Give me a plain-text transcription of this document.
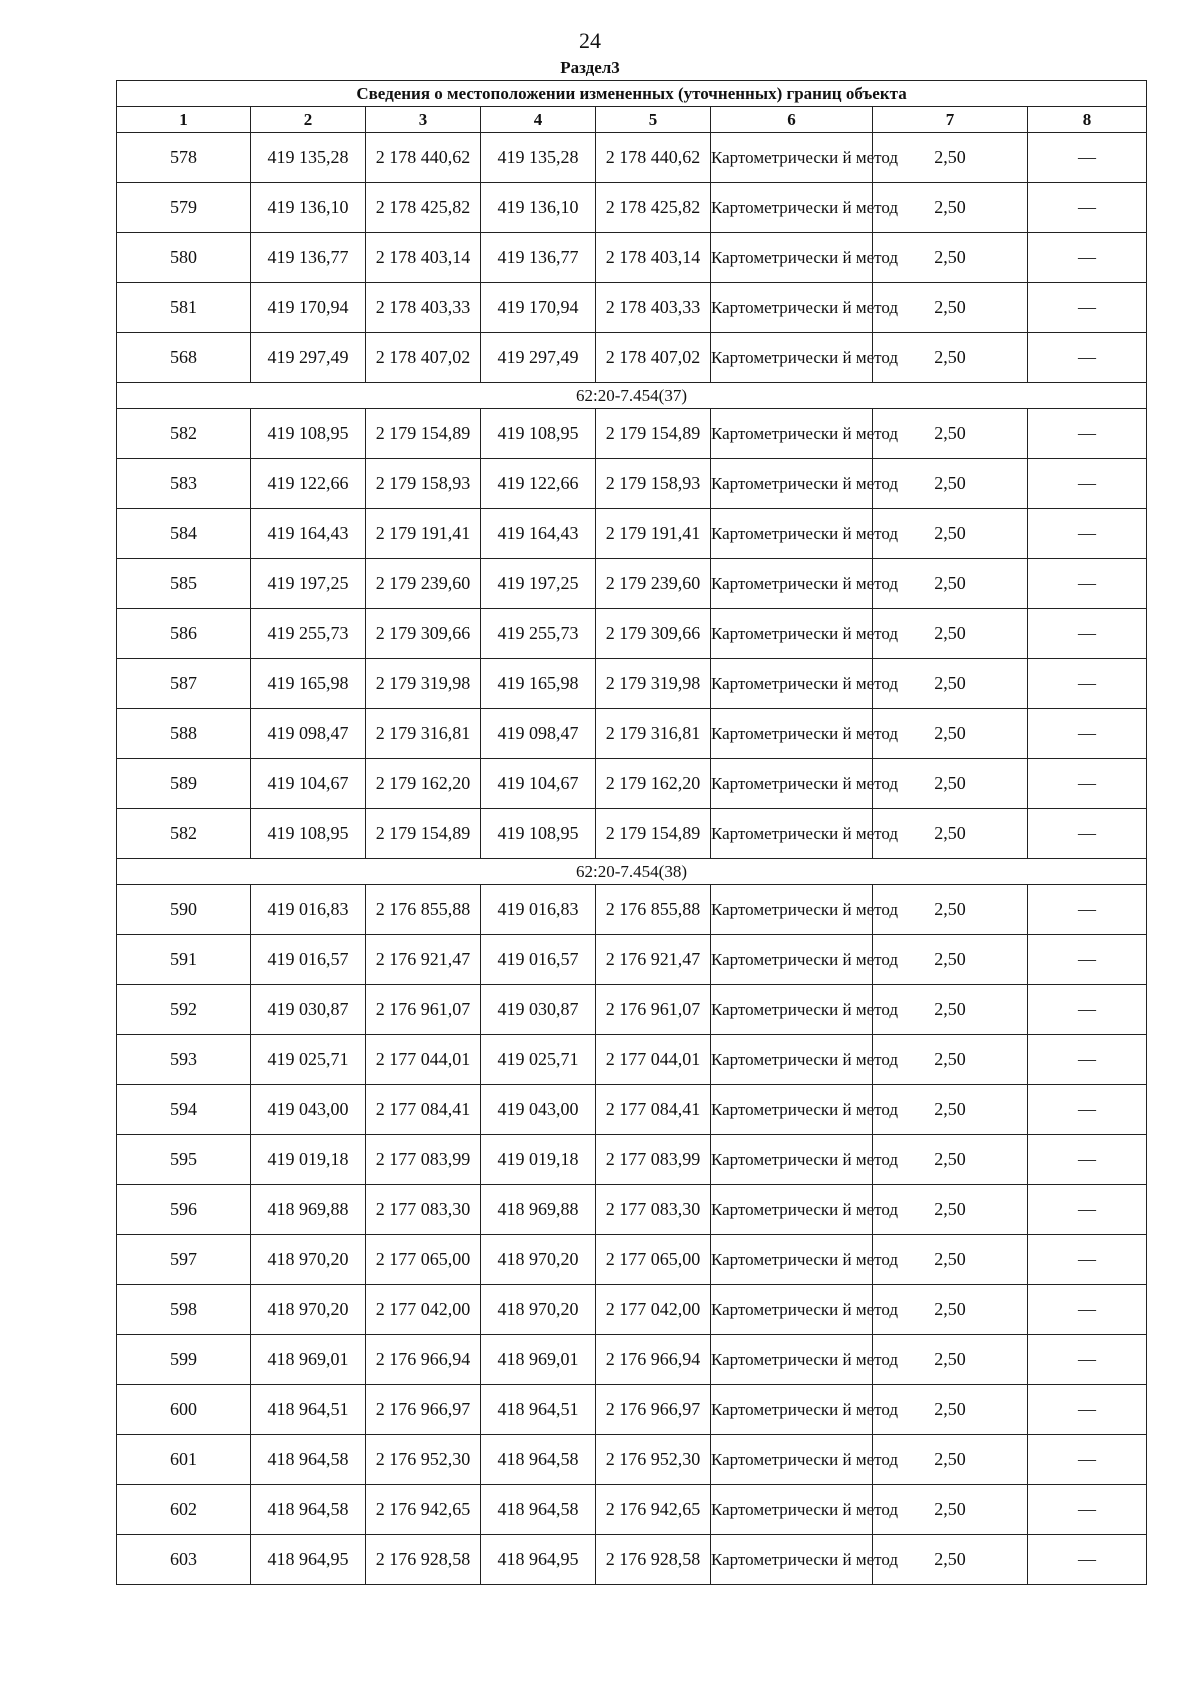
24
Раздел3
Сведения о местоположении измененных (уточненных) границ объекта							
1	2	3	4	5	6	7	8
578	419 135,28	2 178 440,62	419 135,28	2 178 440,62	Картометрически й метод	2,50	—
579	419 136,10	2 178 425,82	419 136,10	2 178 425,82	Картометрически й метод	2,50	—
580	419 136,77	2 178 403,14	419 136,77	2 178 403,14	Картометрически й метод	2,50	—
581	419 170,94	2 178 403,33	419 170,94	2 178 403,33	Картометрически й метод	2,50	—
568	419 297,49	2 178 407,02	419 297,49	2 178 407,02	Картометрически й метод	2,50	—
62:20-7.454(37)							
582	419 108,95	2 179 154,89	419 108,95	2 179 154,89	Картометрически й метод	2,50	—
583	419 122,66	2 179 158,93	419 122,66	2 179 158,93	Картометрически й метод	2,50	—
584	419 164,43	2 179 191,41	419 164,43	2 179 191,41	Картометрически й метод	2,50	—
585	419 197,25	2 179 239,60	419 197,25	2 179 239,60	Картометрически й метод	2,50	—
586	419 255,73	2 179 309,66	419 255,73	2 179 309,66	Картометрически й метод	2,50	—
587	419 165,98	2 179 319,98	419 165,98	2 179 319,98	Картометрически й метод	2,50	—
588	419 098,47	2 179 316,81	419 098,47	2 179 316,81	Картометрически й метод	2,50	—
589	419 104,67	2 179 162,20	419 104,67	2 179 162,20	Картометрически й метод	2,50	—
582	419 108,95	2 179 154,89	419 108,95	2 179 154,89	Картометрически й метод	2,50	—
62:20-7.454(38)							
590	419 016,83	2 176 855,88	419 016,83	2 176 855,88	Картометрически й метод	2,50	—
591	419 016,57	2 176 921,47	419 016,57	2 176 921,47	Картометрически й метод	2,50	—
592	419 030,87	2 176 961,07	419 030,87	2 176 961,07	Картометрически й метод	2,50	—
593	419 025,71	2 177 044,01	419 025,71	2 177 044,01	Картометрически й метод	2,50	—
594	419 043,00	2 177 084,41	419 043,00	2 177 084,41	Картометрически й метод	2,50	—
595	419 019,18	2 177 083,99	419 019,18	2 177 083,99	Картометрически й метод	2,50	—
596	418 969,88	2 177 083,30	418 969,88	2 177 083,30	Картометрически й метод	2,50	—
597	418 970,20	2 177 065,00	418 970,20	2 177 065,00	Картометрически й метод	2,50	—
598	418 970,20	2 177 042,00	418 970,20	2 177 042,00	Картометрически й метод	2,50	—
599	418 969,01	2 176 966,94	418 969,01	2 176 966,94	Картометрически й метод	2,50	—
600	418 964,51	2 176 966,97	418 964,51	2 176 966,97	Картометрически й метод	2,50	—
601	418 964,58	2 176 952,30	418 964,58	2 176 952,30	Картометрически й метод	2,50	—
602	418 964,58	2 176 942,65	418 964,58	2 176 942,65	Картометрически й метод	2,50	—
603	418 964,95	2 176 928,58	418 964,95	2 176 928,58	Картометрически й метод	2,50	—
